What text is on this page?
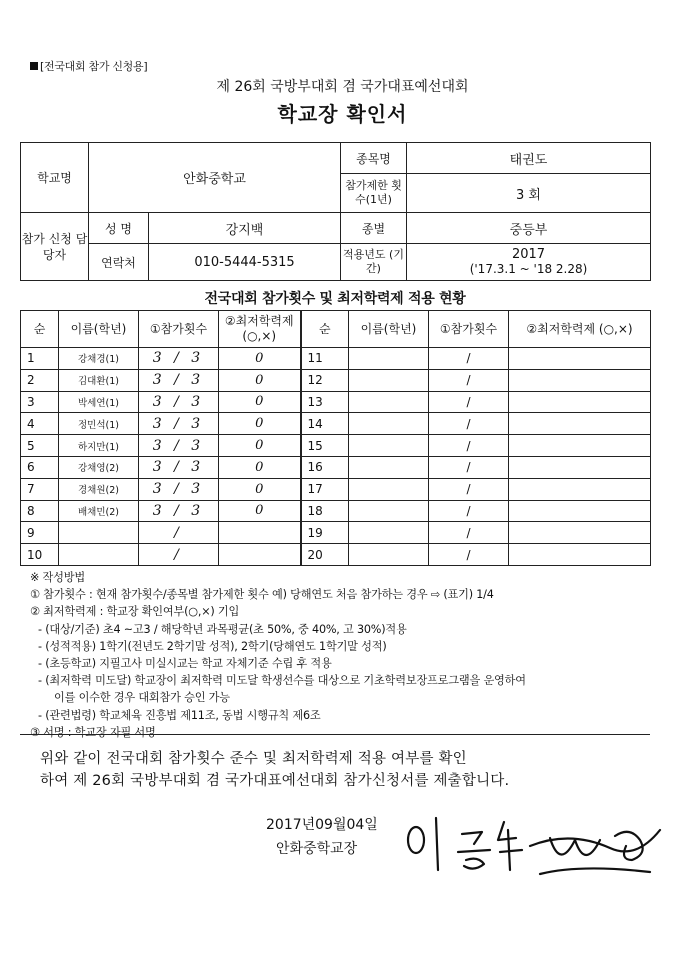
[전국대회 참가 신청용]
제 26회 국방부대회 겸 국가대표예선대회
학교장 확인서
학교명	안화중학교		종목명	태권도
			참가제한 횟수(1년)	3 회
참가 신청 담당자	성 명	강지백	종별	중등부
	연락처	010-5444-5315	적용년도 (기간)	2017
('17.3.1 ~ '18 2.28)
전국대회 참가횟수 및 최저학력제 적용 현황
순	이름(학년)	①참가횟수	②최저학력제 (○,×)	순	이름(학년)	①참가횟수	②최저학력제 (○,×)
1	강채경(1)	3 / 3	0	11		/	
2	김대환(1)	3 / 3	0	12		/	
3	박세연(1)	3 / 3	0	13		/	
4	정민석(1)	3 / 3	0	14		/	
5	하지만(1)	3 / 3	0	15		/	
6	강채영(2)	3 / 3	0	16		/	
7	경채원(2)	3 / 3	0	17		/	
8	배채민(2)	3 / 3	0	18		/	
9		/		19		/	
10		/		20		/	
※ 작성방법
① 참가횟수 : 현재 참가횟수/종목별 참가제한 횟수 예) 당해연도 처음 참가하는 경우 ⇨ (표기) 1/4
② 최저학력제 : 학교장 확인여부(○,×) 기입
- (대상/기준) 초4 ~고3 / 해당학년 과목평균(초 50%, 중 40%, 고 30%)적용
- (성적적용) 1학기(전년도 2학기말 성적), 2학기(당해연도 1학기말 성적)
- (초등학교) 지필고사 미실시교는 학교 자체기준 수립 후 적용
- (최저학력 미도달) 학교장이 최저학력 미도달 학생선수를 대상으로 기초학력보장프로그램을 운영하여
이를 이수한 경우 대회참가 승인 가능
- (관련법령) 학교체육 진흥법 제11조, 동법 시행규칙 제6조
③ 서명 : 학교장 자필 서명
위와 같이 전국대회 참가횟수 준수 및 최저학력제 적용 여부를 확인
하여 제 26회 국방부대회 겸 국가대표예선대회 참가신청서를 제출합니다.
2017년09월04일
안화중학교장
